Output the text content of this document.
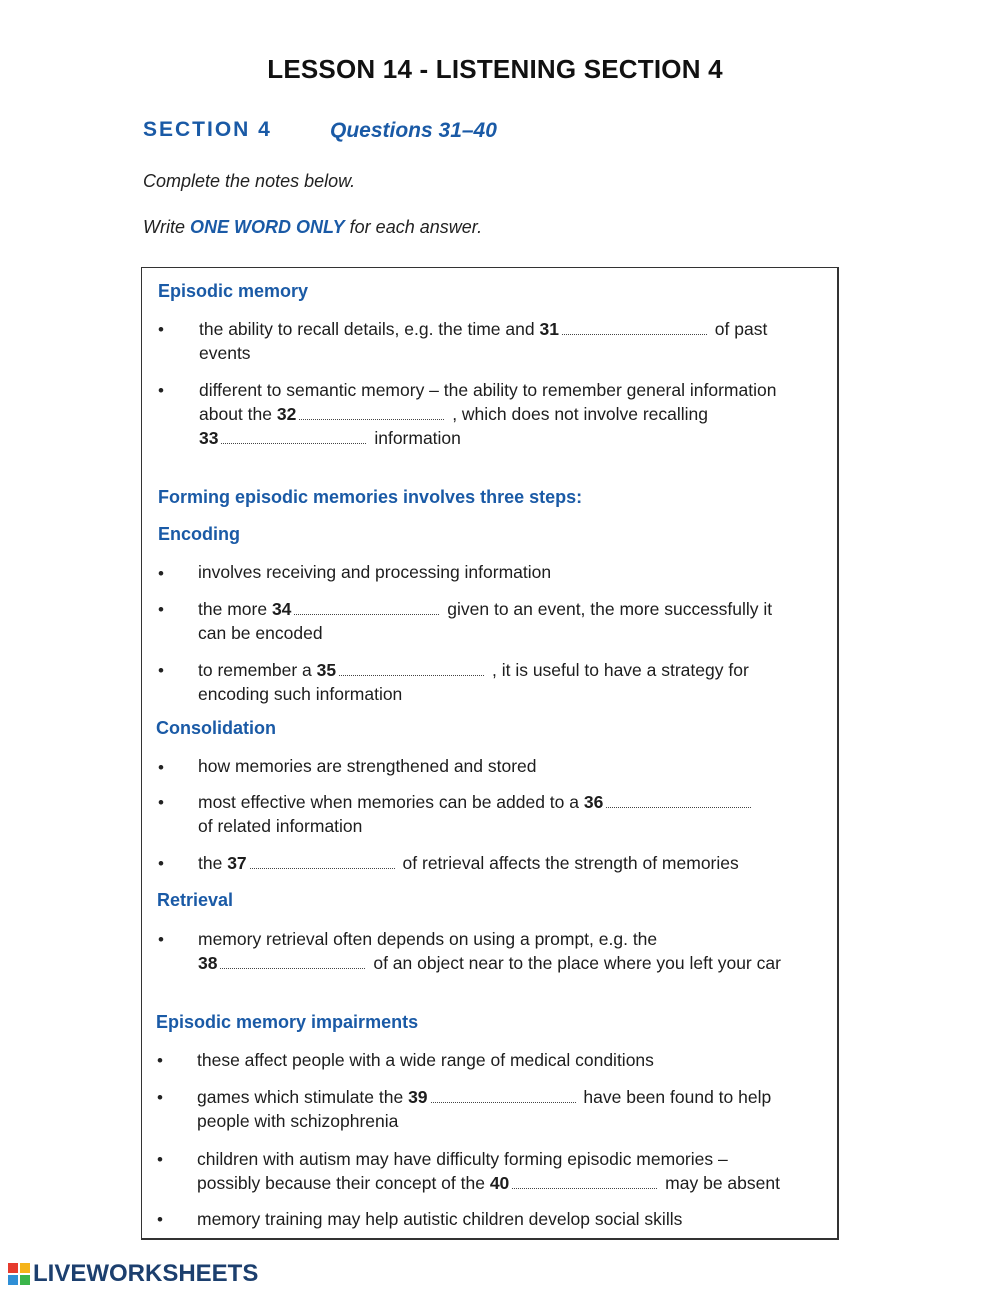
LESSON 14 - LISTENING SECTION 4
SECTION 4	Questions 31–40
Complete the notes below.
Write ONE WORD ONLY for each answer.
Episodic memory
• the ability to recall details, e.g. the time and 31	of past
events
• different to semantic memory – the ability to remember general information
about the 32	, which does not involve recalling
33	information
Forming episodic memories involves three steps:
Encoding
• involves receiving and processing information
• the more 34	given to an event, the more successfully it
can be encoded
• to remember a 35	, it is useful to have a strategy for
encoding such information
Consolidation
• how memories are strengthened and stored
• most effective when memories can be added to a 36
of related information
• the 37	of retrieval affects the strength of memories
Retrieval
• memory retrieval often depends on using a prompt, e.g. the
38	of an object near to the place where you left your car
Episodic memory impairments
• these affect people with a wide range of medical conditions
• games which stimulate the 39	have been found to help
people with schizophrenia
• children with autism may have difficulty forming episodic memories –
possibly because their concept of the 40	may be absent
• memory training may help autistic children develop social skills
LIVEWORKSHEETS
